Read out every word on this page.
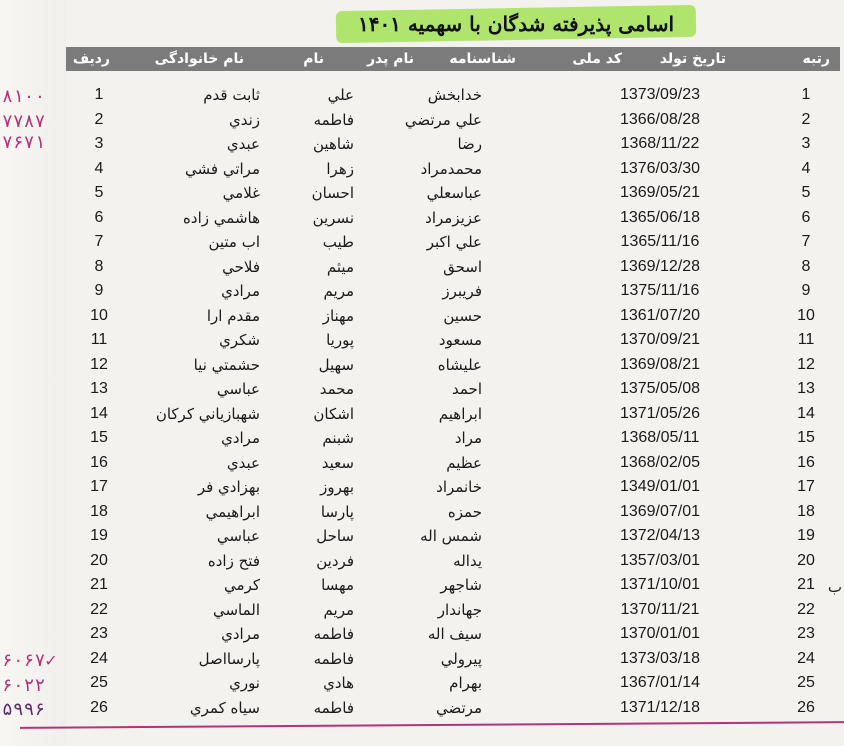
اسامی پذیرفته شدگان با سهمیه ۱۴۰۱
رتبه
تاریخ تولد
کد ملی
شناسنامه
نام پدر
نام
نام خانوادگی
ردیف
1
1373/09/23
خدابخش
علي
ثابت قدم
1
2
1366/08/28
علي مرتضي
فاطمه
زندي
2
3
1368/11/22
رضا
شاهين
عبدي
3
4
1376/03/30
محمدمراد
زهرا
مراتي فشي
4
5
1369/05/21
عباسعلي
احسان
غلامي
5
6
1365/06/18
عزيزمراد
نسرين
هاشمي زاده
6
7
1365/11/16
علي اكبر
طيب
اب متين
7
8
1369/12/28
اسحق
ميثم
فلاحي
8
9
1375/11/16
فريبرز
مريم
مرادي
9
10
1361/07/20
حسين
مهناز
مقدم ارا
10
11
1370/09/21
مسعود
پوريا
شكري
11
12
1369/08/21
عليشاه
سهيل
حشمتي نيا
12
13
1375/05/08
احمد
محمد
عباسي
13
14
1371/05/26
ابراهيم
اشكان
شهبازياني كركان
14
15
1368/05/11
مراد
شبنم
مرادي
15
16
1368/02/05
عظيم
سعيد
عبدي
16
17
1349/01/01
خانمراد
بهروز
بهزادي فر
17
18
1369/07/01
حمزه
پارسا
ابراهيمي
18
19
1372/04/13
شمس اله
ساحل
عباسي
19
20
1357/03/01
يداله
فردين
فتح زاده
20
21
1371/10/01
شاجهر
مهسا
كرمي
21
22
1370/11/21
جهاندار
مريم
الماسي
22
23
1370/01/01
سيف اله
فاطمه
مرادي
23
24
1373/03/18
پيرولي
فاطمه
پارسااصل
24
25
1367/01/14
بهرام
هادي
نوري
25
26
1371/12/18
مرتضي
فاطمه
سياه كمري
26
۸۱۰۰
۷۷۸۷
۷۶۷۱
۶۰۶۷✓
۶۰۲۲
۵۹۹۶
ب
